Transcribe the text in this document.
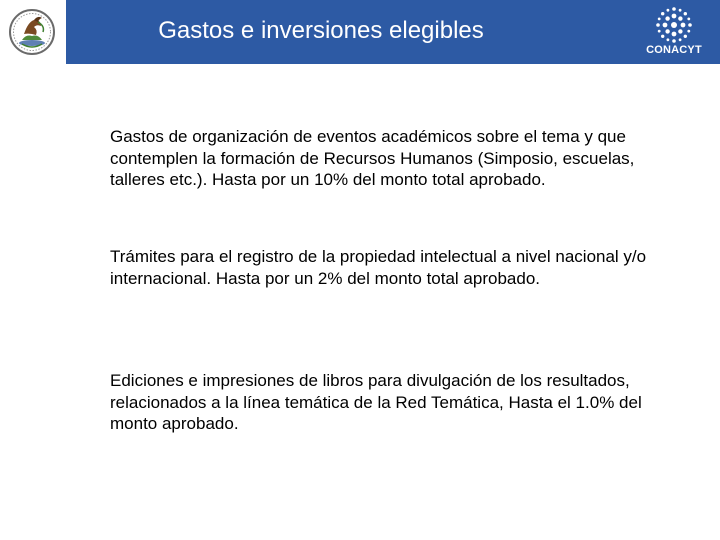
Gastos e inversiones elegibles
CONACYT

Gastos de organización de eventos académicos sobre el tema y que contemplen la formación de Recursos Humanos (Simposio, escuelas, talleres etc.). Hasta por un 10% del monto total aprobado.

Trámites para el registro de la propiedad intelectual a nivel nacional y/o internacional. Hasta por un 2% del monto total aprobado.

Ediciones e impresiones de libros para divulgación de los resultados, relacionados a la línea temática de la Red Temática, Hasta el 1.0% del monto aprobado.
